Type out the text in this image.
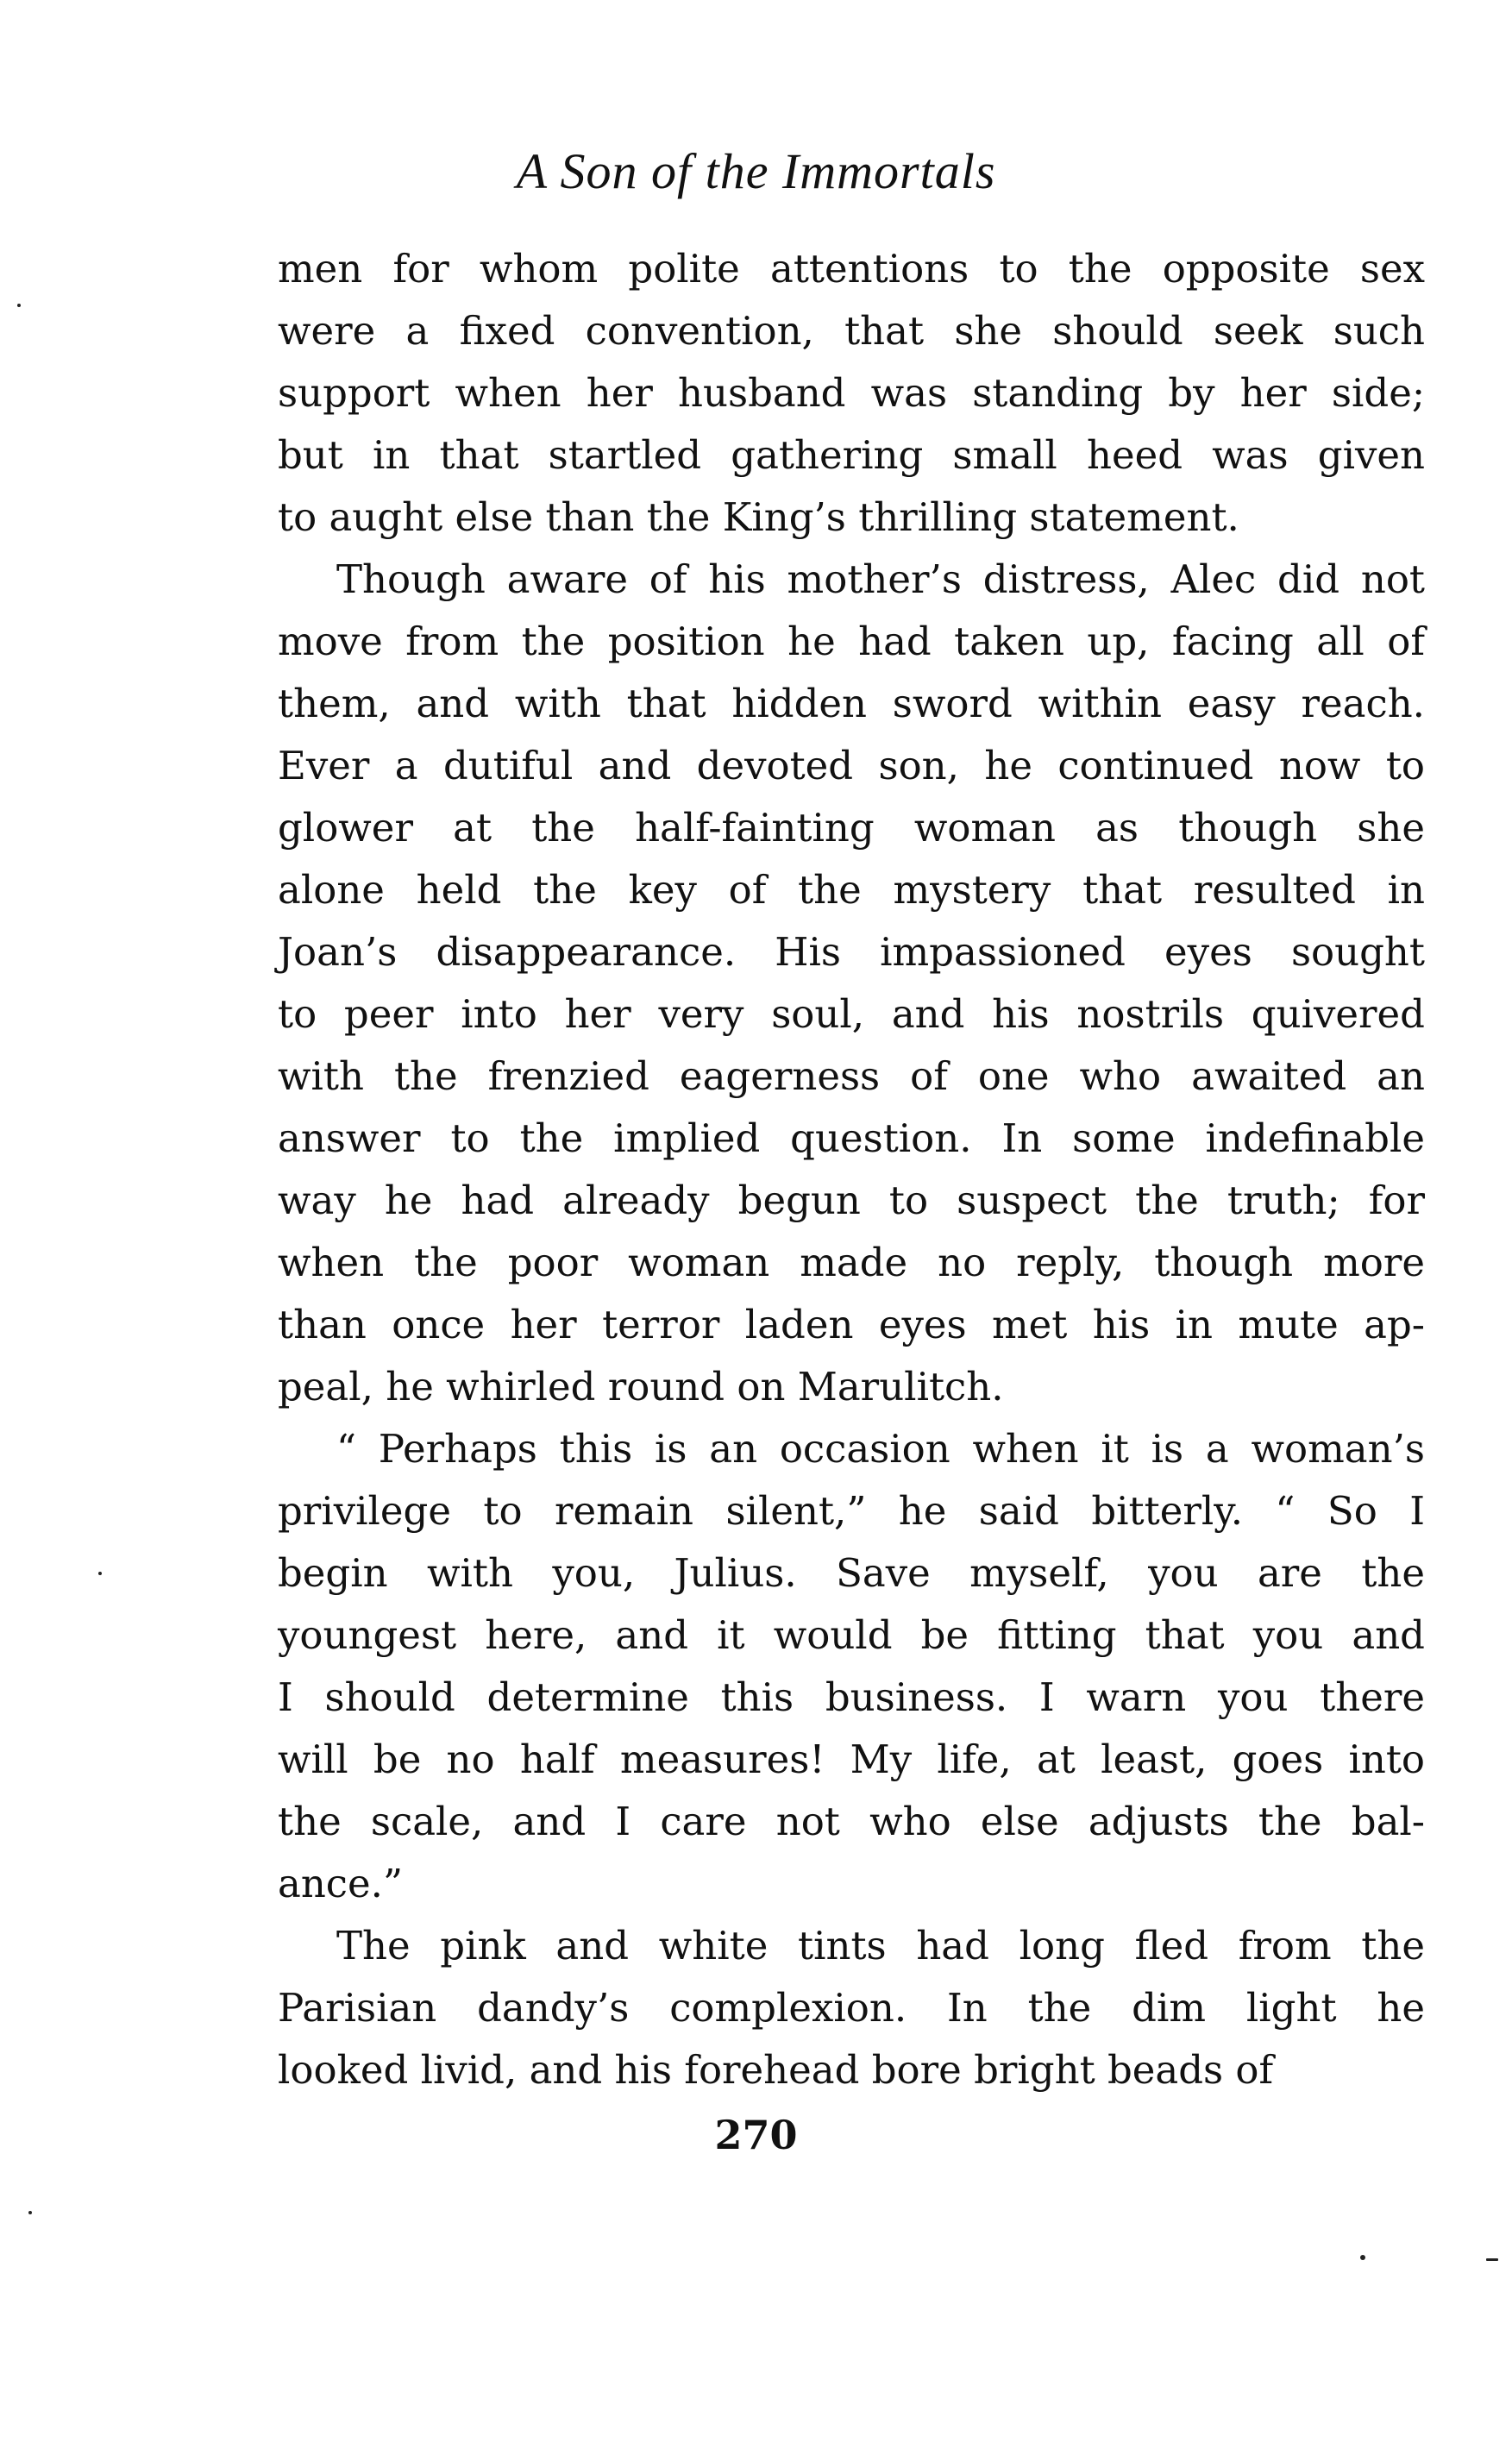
A Son of the Immortals
men for whom polite attentions to the opposite sex
were a fixed convention, that she should seek such
support when her husband was standing by her side;
but in that startled gathering small heed was given
to aught else than the King’s thrilling statement.
Though aware of his mother’s distress, Alec did not
move from the position he had taken up, facing all of
them, and with that hidden sword within easy reach.
Ever a dutiful and devoted son, he continued now to
glower at the half-fainting woman as though she
alone held the key of the mystery that resulted in
Joan’s disappearance. His impassioned eyes sought
to peer into her very soul, and his nostrils quivered
with the frenzied eagerness of one who awaited an
answer to the implied question. In some indefinable
way he had already begun to suspect the truth; for
when the poor woman made no reply, though more
than once her terror laden eyes met his in mute ap-
peal, he whirled round on Marulitch.
“ Perhaps this is an occasion when it is a woman’s
privilege to remain silent,” he said bitterly. “ So I
begin with you, Julius. Save myself, you are the
youngest here, and it would be fitting that you and
I should determine this business. I warn you there
will be no half measures! My life, at least, goes into
the scale, and I care not who else adjusts the bal-
ance.”
The pink and white tints had long fled from the
Parisian dandy’s complexion. In the dim light he
looked livid, and his forehead bore bright beads of
270
